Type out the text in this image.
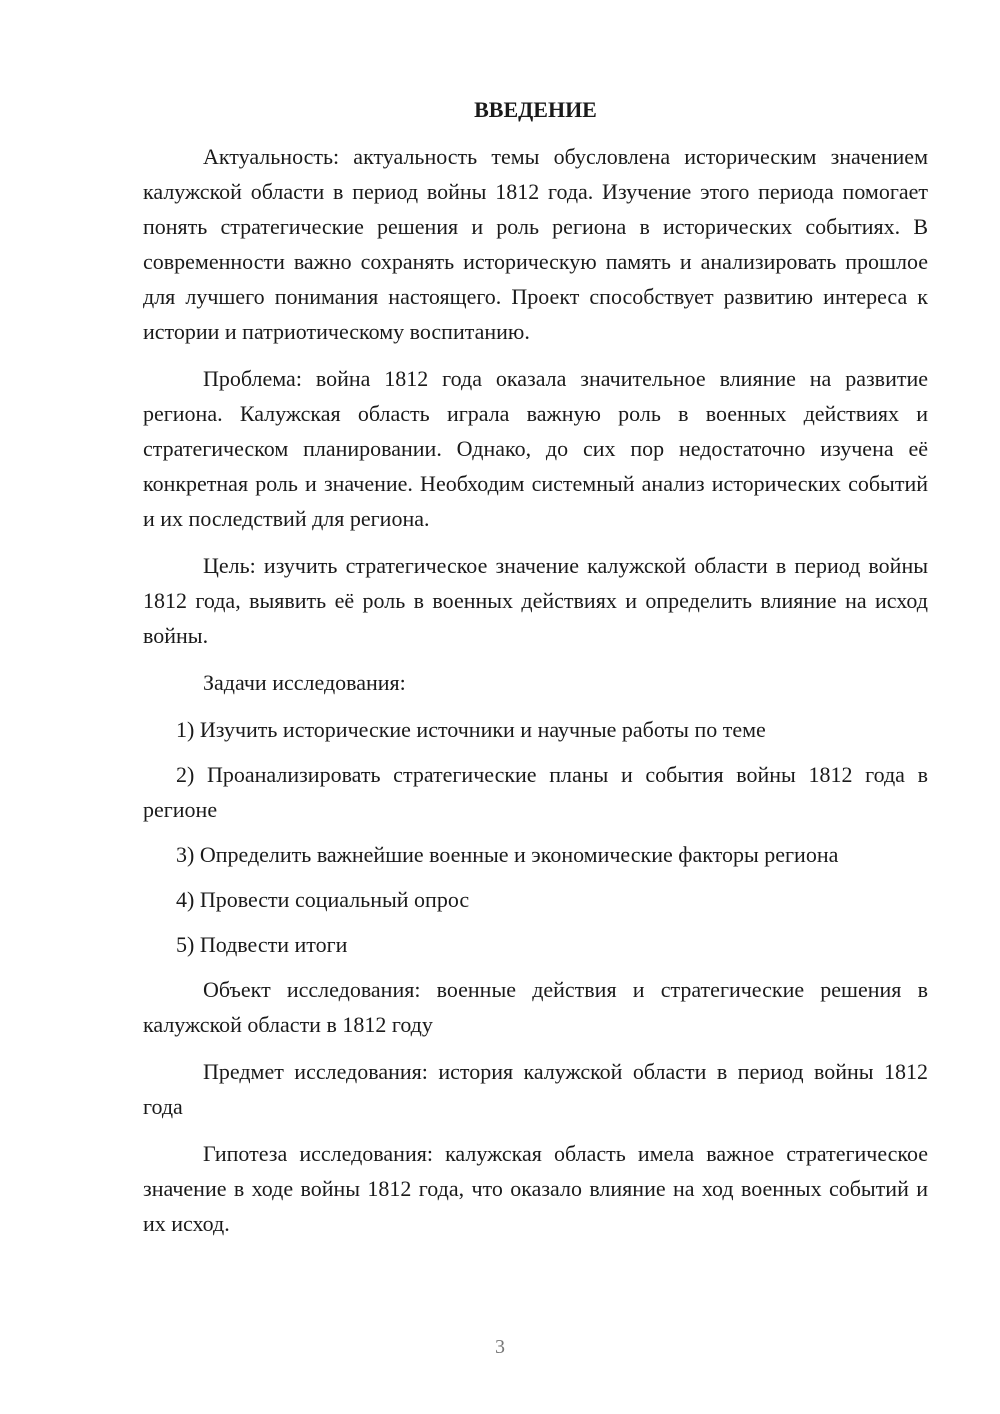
ВВЕДЕНИЕ

Актуальность: актуальность темы обусловлена историческим значением калужской области в период войны 1812 года. Изучение этого периода помогает понять стратегические решения и роль региона в исторических событиях. В современности важно сохранять историческую память и анализировать прошлое для лучшего понимания настоящего. Проект способствует развитию интереса к истории и патриотическому воспитанию.

Проблема: война 1812 года оказала значительное влияние на развитие региона. Калужская область играла важную роль в военных действиях и стратегическом планировании. Однако, до сих пор недостаточно изучена её конкретная роль и значение. Необходим системный анализ исторических событий и их последствий для региона.

Цель: изучить стратегическое значение калужской области в период войны 1812 года, выявить её роль в военных действиях и определить влияние на исход войны.

Задачи исследования:

1) Изучить исторические источники и научные работы по теме

2) Проанализировать стратегические планы и события войны 1812 года в регионе

3) Определить важнейшие военные и экономические факторы региона

4) Провести социальный опрос

5) Подвести итоги

Объект исследования: военные действия и стратегические решения в калужской области в 1812 году

Предмет исследования: история калужской области в период войны 1812 года

Гипотеза исследования: калужская область имела важное стратегическое значение в ходе войны 1812 года, что оказало влияние на ход военных событий и их исход.

3
